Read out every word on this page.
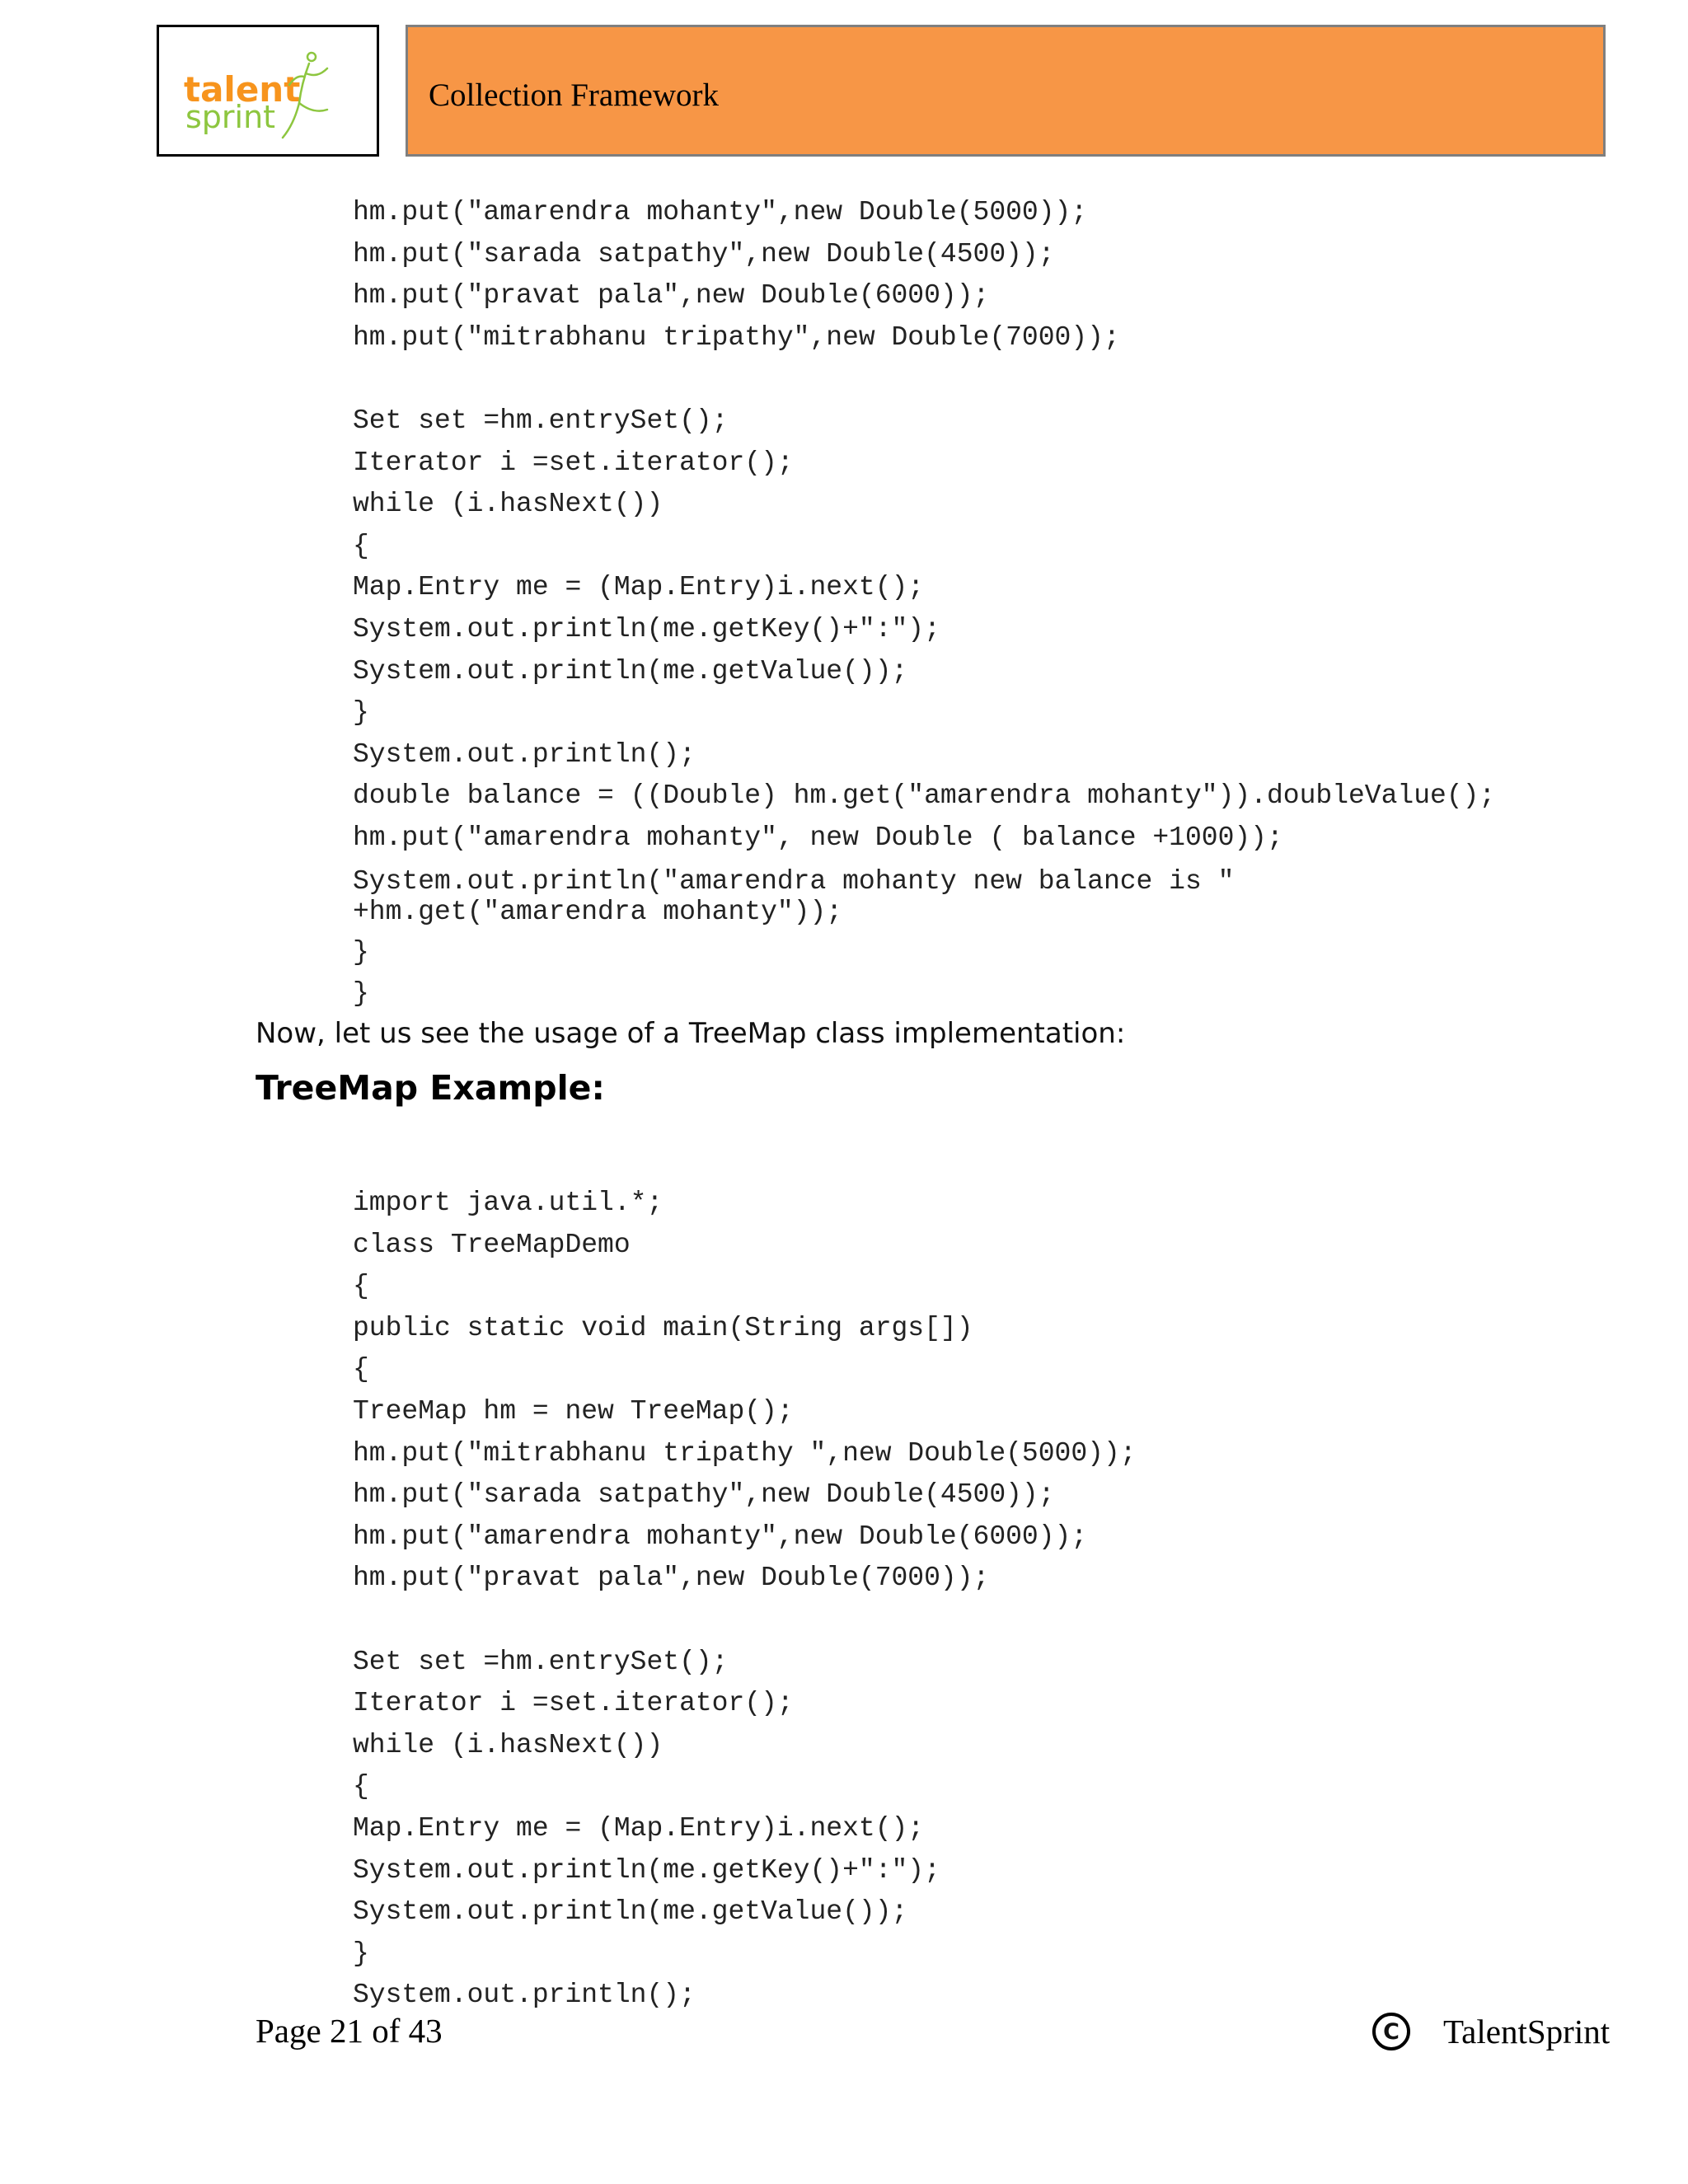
talent
sprint
Collection Framework
hm.put("amarendra mohanty",new Double(5000));
hm.put("sarada satpathy",new Double(4500));
hm.put("pravat pala",new Double(6000));
hm.put("mitrabhanu tripathy",new Double(7000));
Set set =hm.entrySet();
Iterator i =set.iterator();
while (i.hasNext())
{
Map.Entry me = (Map.Entry)i.next();
System.out.println(me.getKey()+":");
System.out.println(me.getValue());
}
System.out.println();
double balance = ((Double) hm.get("amarendra mohanty")).doubleValue();
hm.put("amarendra mohanty", new Double ( balance +1000));
System.out.println("amarendra mohanty new balance is " +hm.get("amarendra mohanty"));
}
}
Now, let us see the usage of a TreeMap class implementation:
TreeMap Example:
import java.util.*;
class TreeMapDemo
{
public static void main(String args[])
{
TreeMap hm = new TreeMap();
hm.put("mitrabhanu tripathy ",new Double(5000));
hm.put("sarada satpathy",new Double(4500));
hm.put("amarendra mohanty",new Double(6000));
hm.put("pravat pala",new Double(7000));
Set set =hm.entrySet();
Iterator i =set.iterator();
while (i.hasNext())
{
Map.Entry me = (Map.Entry)i.next();
System.out.println(me.getKey()+":");
System.out.println(me.getValue());
}
System.out.println();
Page 21 of 43	C	TalentSprint
